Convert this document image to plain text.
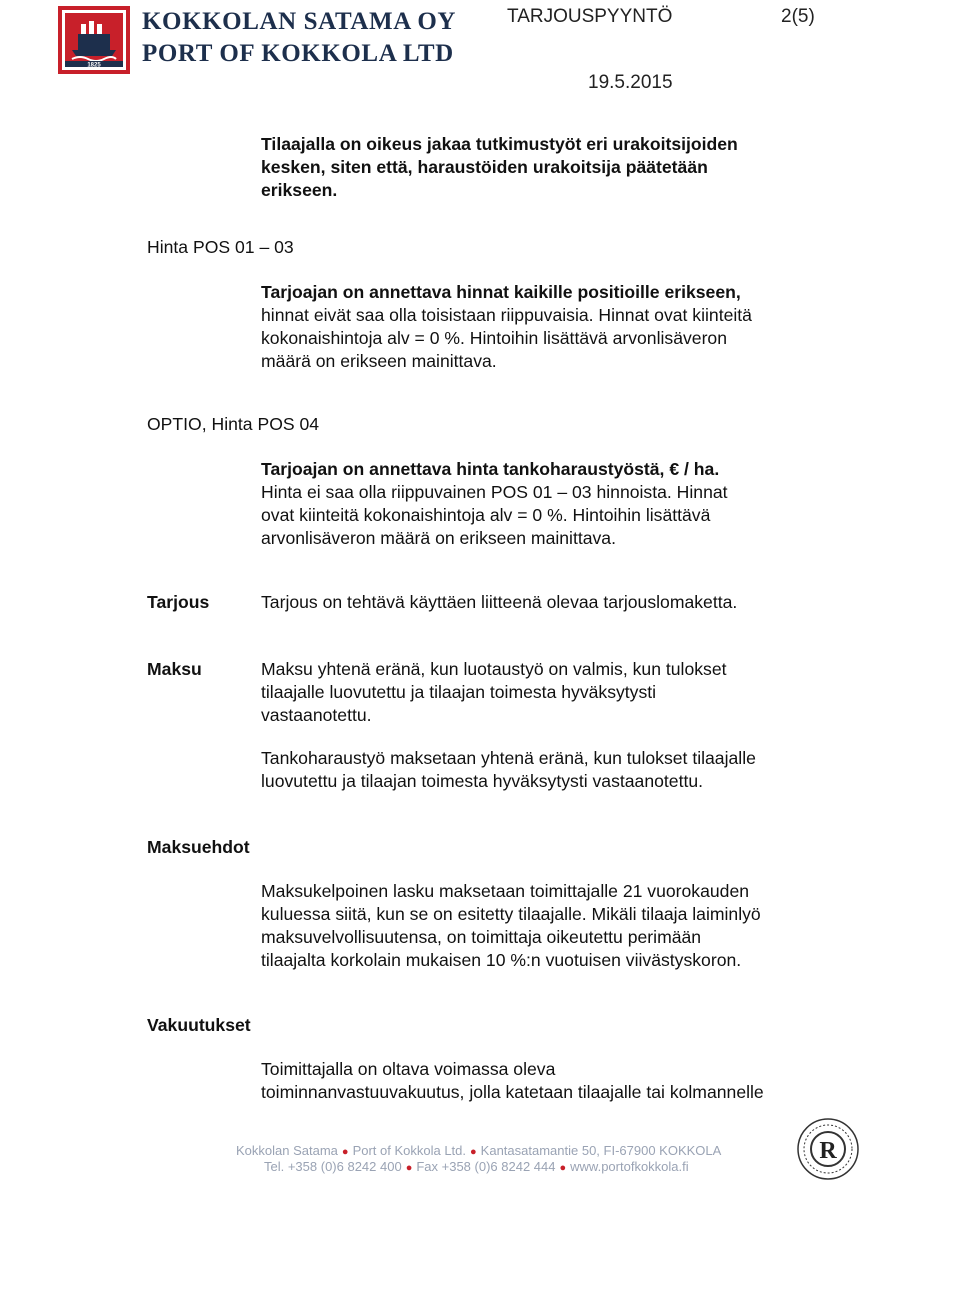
1825
KOKKOLAN SATAMA OY
PORT OF KOKKOLA LTD
TARJOUSPYYNTÖ	2(5)
19.5.2015
Tilaajalla on oikeus jakaa tutkimustyöt eri urakoitsijoiden
kesken, siten että, haraustöiden urakoitsija päätetään
erikseen.
Hinta POS 01 – 03
Tarjoajan on annettava hinnat kaikille positioille erikseen,
hinnat eivät saa olla toisistaan riippuvaisia. Hinnat ovat kiinteitä
kokonaishintoja alv = 0 %. Hintoihin lisättävä arvonlisäveron
määrä on erikseen mainittava.
OPTIO, Hinta POS 04
Tarjoajan on annettava hinta tankoharaustyöstä, € / ha.
Hinta ei saa olla riippuvainen POS 01 – 03 hinnoista. Hinnat
ovat kiinteitä kokonaishintoja alv = 0 %. Hintoihin lisättävä
arvonlisäveron määrä on erikseen mainittava.
Tarjous	Tarjous on tehtävä käyttäen liitteenä olevaa tarjouslomaketta.
Maksu	Maksu yhtenä eränä, kun luotaustyö on valmis, kun tulokset
tilaajalle luovutettu ja tilaajan toimesta hyväksytysti
vastaanotettu.
Tankoharaustyö maksetaan yhtenä eränä, kun tulokset tilaajalle
luovutettu ja tilaajan toimesta hyväksytysti vastaanotettu.
Maksuehdot
Maksukelpoinen lasku maksetaan toimittajalle 21 vuorokauden
kuluessa siitä, kun se on esitetty tilaajalle. Mikäli tilaaja laiminlyö
maksuvelvollisuutensa, on toimittaja oikeutettu perimään
tilaajalta korkolain mukaisen 10 %:n vuotuisen viivästyskoron.
Vakuutukset
Toimittajalla on oltava voimassa oleva
toiminnanvastuuvakuutus, jolla katetaan tilaajalle tai kolmannelle
Kokkolan Satama ● Port of Kokkola Ltd. ● Kantasatamantie 50, FI-67900 KOKKOLA
Tel. +358 (0)6 8242 400 ● Fax +358 (0)6 8242 444 ● www.portofkokkola.fi
R
